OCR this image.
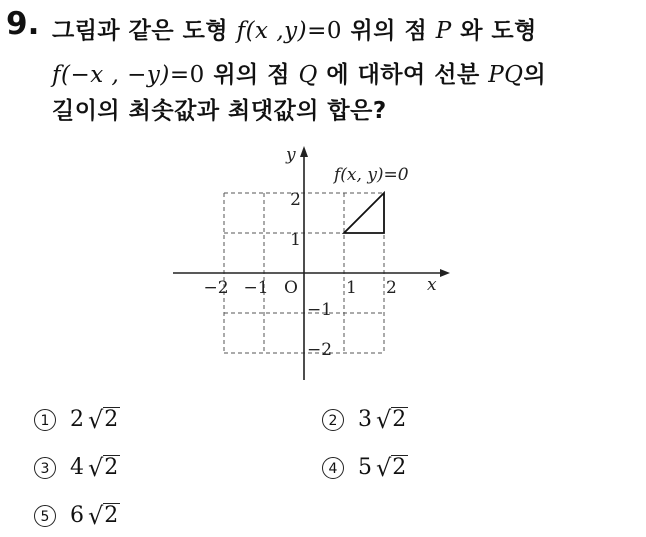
9. 그림과 같은 도형 f(x ,y)=0 위의 점 P 와 도형
f(−x , −y)=0 위의 점 Q 에 대하여 선분 PQ의
길이의 최솟값과 최댓값의 합은?
f(x, y)=0
x
y
O
−2 −1	1 2
2
1
−1
−2
1 2 √ 2	2 3 √ 2
3 4 √ 2	4 5 √ 2
5 6 √ 2
